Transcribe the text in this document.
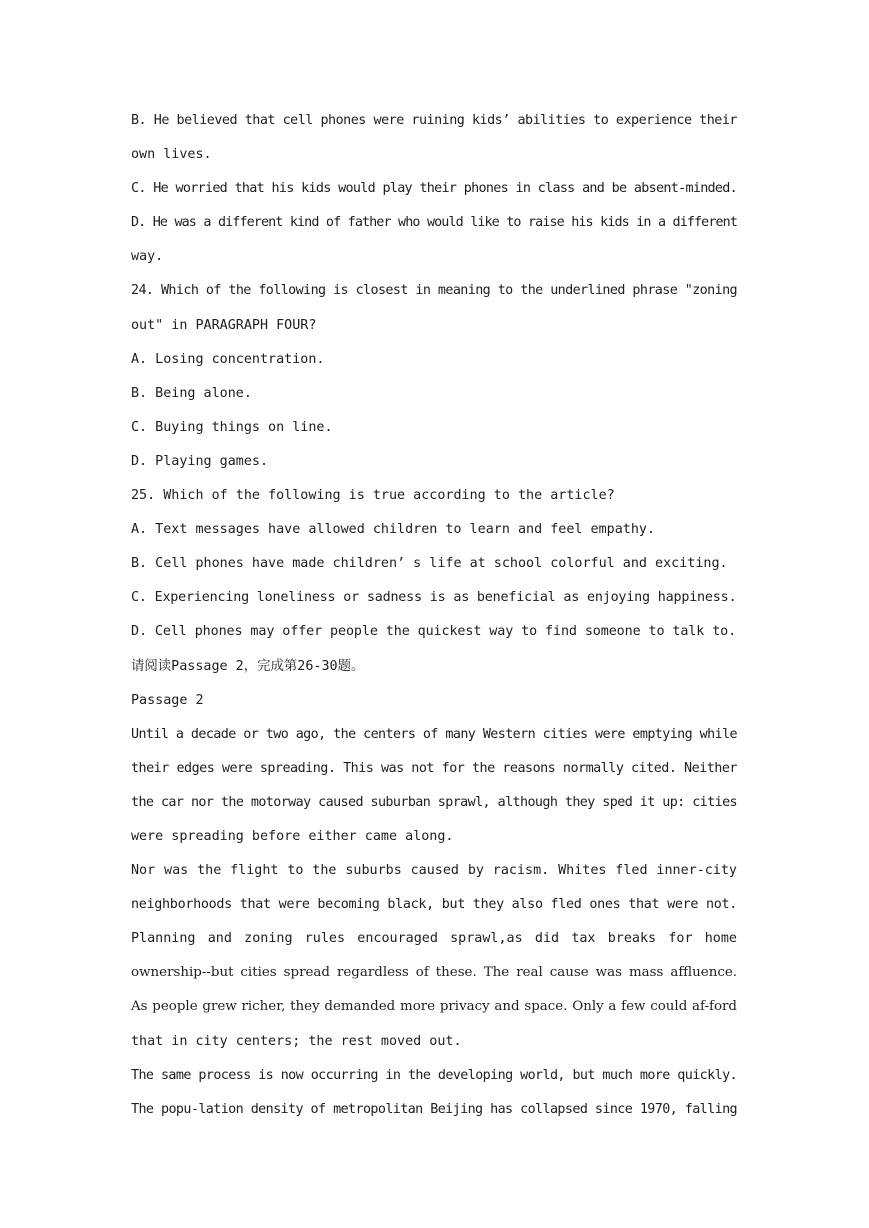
B. He believed that cell phones were ruining kids’ abilities to experience their
own lives.
C. He worried that his kids would play their phones in class and be absent-minded.
D. He was a different kind of father who would like to raise his kids in a different
way.
24. Which of the following is closest in meaning to the underlined phrase "zoning
out" in PARAGRAPH FOUR?
A. Losing concentration.
B. Being alone.
C. Buying things on line.
D. Playing games.
25. Which of the following is true according to the article?
A. Text messages have allowed children to learn and feel empathy.
B. Cell phones have made children’ s life at school colorful and exciting.
C. Experiencing loneliness or sadness is as beneficial as enjoying happiness.
D. Cell phones may offer people the quickest way to find someone to talk to.
请阅读Passage 2，完成第26-30题。
Passage 2
Until a decade or two ago, the centers of many Western cities were emptying while
their edges were spreading. This was not for the reasons normally cited. Neither
the car nor the motorway caused suburban sprawl, although they sped it up: cities
were spreading before either came along.
Nor was the flight to the suburbs caused by racism. Whites fled inner-city
neighborhoods that were becoming black, but they also fled ones that were not.
Planning and zoning rules encouraged sprawl,as did tax breaks for home
ownership--but cities spread regardless of these. The real cause was mass affluence.
As people grew richer, they demanded more privacy and space. Only a few could af-ford
that in city centers; the rest moved out.
The same process is now occurring in the developing world, but much more quickly.
The popu-lation density of metropolitan Beijing has collapsed since 1970, falling
